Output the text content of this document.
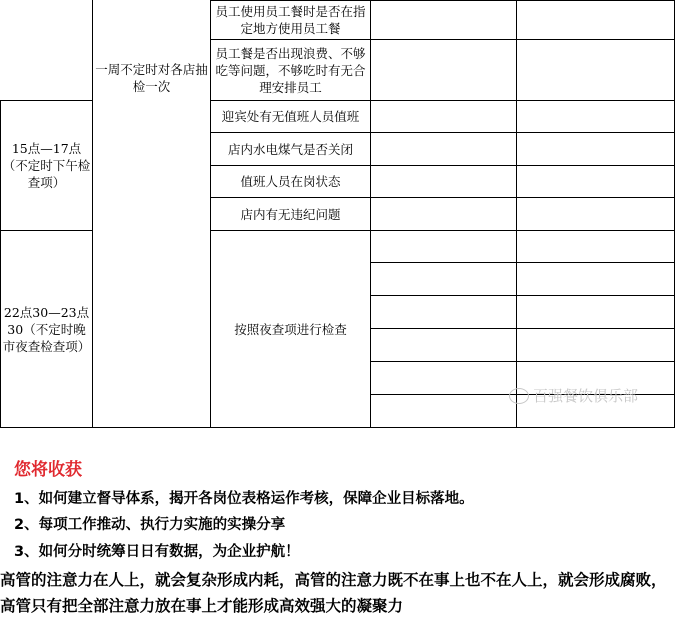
15点—17点
（不定时下午检查项）
22点30—23点30（不定时晚市夜查检查项）
一周不定时对各店抽检一次
员工使用员工餐时是否在指定地方使用员工餐
员工餐是否出现浪费、不够吃等问题，不够吃时有无合理安排员工
迎宾处有无值班人员值班
店内水电煤气是否关闭
值班人员在岗状态
店内有无违纪问题
按照夜查项进行检查
百强餐饮俱乐部
您将收获
1、如何建立督导体系，揭开各岗位表格运作考核，保障企业目标落地。
2、每项工作推动、执行力实施的实操分享
3、如何分时统筹日日有数据，为企业护航！
高管的注意力在人上，就会复杂形成内耗，高管的注意力既不在事上也不在人上，就会形成腐败，高管只有把全部注意力放在事上才能形成高效强大的凝聚力
